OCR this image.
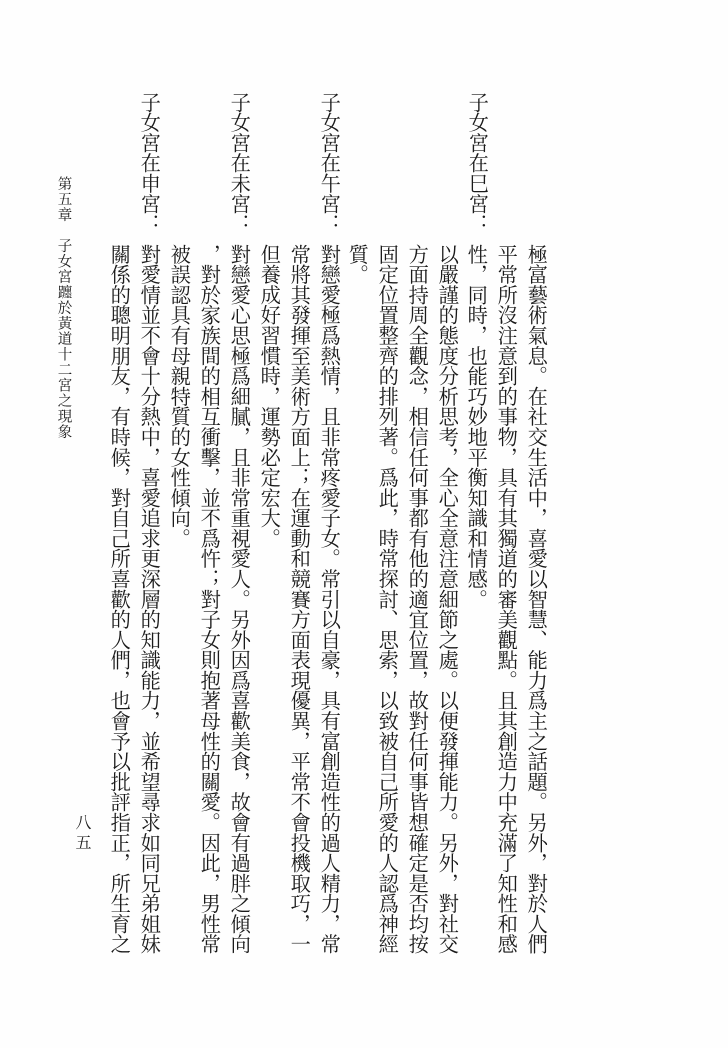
極富藝術氣息。在社交生活中，喜愛以智慧、能力爲主之話題。另外，對於人們
平常所沒注意到的事物，具有其獨道的審美觀點。且其創造力中充滿了知性和感
性，同時，也能巧妙地平衡知識和情感。
子女宮在巳宮：
以嚴謹的態度分析思考，全心全意注意細節之處。以便發揮能力。另外，對社交
方面持周全觀念，相信任何事都有他的適宜位置，故對任何事皆想確定是否均按
固定位置整齊的排列著。爲此，時常探討、思索，以致被自己所愛的人認爲神經
質。
子女宮在午宮：
對戀愛極爲熱情，且非常疼愛子女。常引以自豪，具有富創造性的過人精力，常
常將其發揮至美術方面上；在運動和競賽方面表現優異，平常不會投機取巧，一
但養成好習慣時，運勢必定宏大。
子女宮在未宮：
對戀愛心思極爲細膩，且非常重視愛人。另外因爲喜歡美食，故會有過胖之傾向
，對於家族間的相互衝擊，並不爲忤；對子女則抱著母性的關愛。因此，男性常
被誤認具有母親特質的女性傾向。
子女宮在申宮：
對愛情並不會十分熱中，喜愛追求更深層的知識能力，並希望尋求如同兄弟姐妹
關係的聰明朋友，有時候，對自己所喜歡的人們，也會予以批評指正，所生育之
第五章　子女宮躔於黃道十二宮之現象
八五
